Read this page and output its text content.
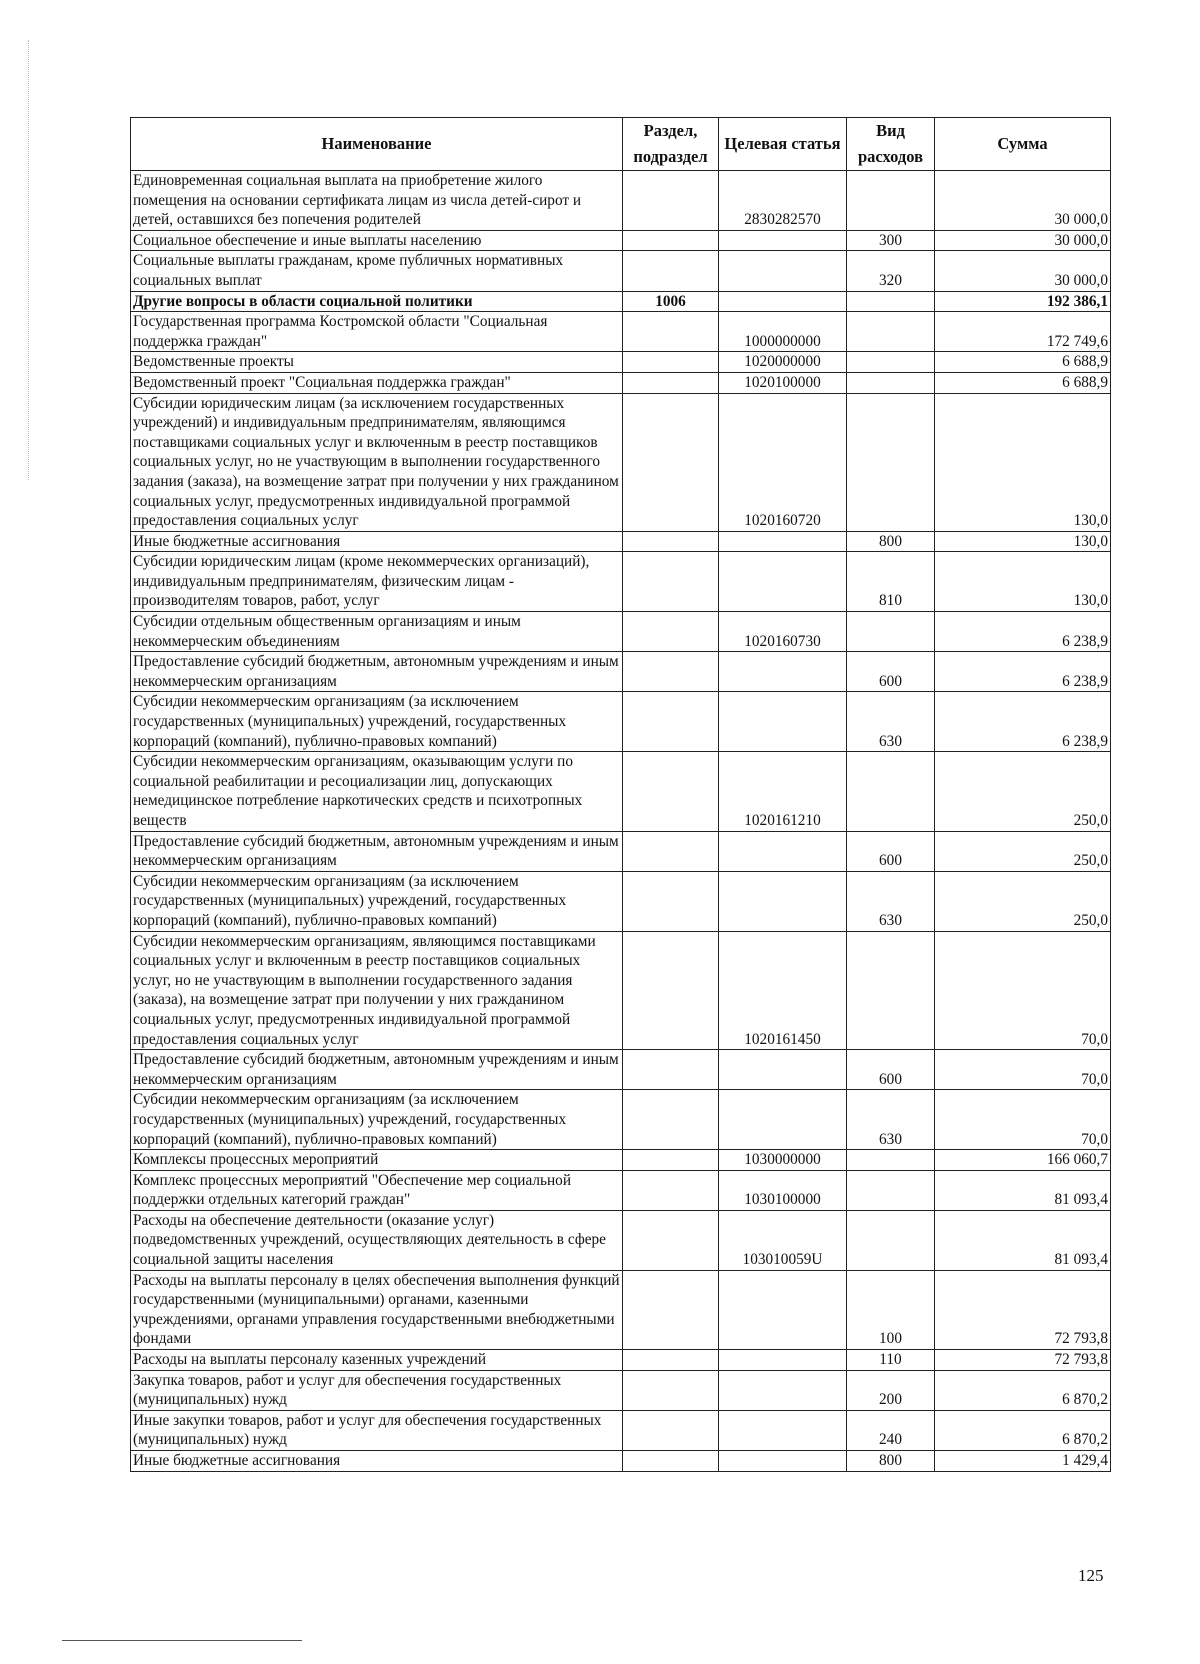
Наименование	Раздел, подраздел	Целевая статья	Вид расходов	Сумма
Единовременная социальная выплата на приобретение жилого помещения на основании сертификата лицам из числа детей-сирот и детей, оставшихся без попечения родителей		2830282570		30 000,0
Социальное обеспечение и иные выплаты населению			300	30 000,0
Социальные выплаты гражданам, кроме публичных нормативных социальных выплат			320	30 000,0
Другие вопросы в области социальной политики	1006			192 386,1
Государственная программа Костромской области "Социальная поддержка граждан"		1000000000		172 749,6
Ведомственные проекты		1020000000		6 688,9
Ведомственный проект "Социальная поддержка граждан"		1020100000		6 688,9
Субсидии юридическим лицам (за исключением государственных учреждений) и индивидуальным предпринимателям, являющимся поставщиками социальных услуг и включенным в реестр поставщиков социальных услуг, но не участвующим в выполнении государственного задания (заказа), на возмещение затрат при получении у них гражданином социальных услуг, предусмотренных индивидуальной программой предоставления социальных услуг		1020160720		130,0
Иные бюджетные ассигнования			800	130,0
Субсидии юридическим лицам (кроме некоммерческих организаций), индивидуальным предпринимателям, физическим лицам - производителям товаров, работ, услуг			810	130,0
Субсидии отдельным общественным организациям и иным некоммерческим объединениям		1020160730		6 238,9
Предоставление субсидий бюджетным, автономным учреждениям и иным некоммерческим организациям			600	6 238,9
Субсидии некоммерческим организациям (за исключением государственных (муниципальных) учреждений, государственных корпораций (компаний), публично-правовых компаний)			630	6 238,9
Субсидии некоммерческим организациям, оказывающим услуги по социальной реабилитации и ресоциализации лиц, допускающих немедицинское потребление наркотических средств и психотропных веществ		1020161210		250,0
Предоставление субсидий бюджетным, автономным учреждениям и иным некоммерческим организациям			600	250,0
Субсидии некоммерческим организациям (за исключением государственных (муниципальных) учреждений, государственных корпораций (компаний), публично-правовых компаний)			630	250,0
Субсидии некоммерческим организациям, являющимся поставщиками социальных услуг и включенным в реестр поставщиков социальных услуг, но не участвующим в выполнении государственного задания (заказа), на возмещение затрат при получении у них гражданином социальных услуг, предусмотренных индивидуальной программой предоставления социальных услуг		1020161450		70,0
Предоставление субсидий бюджетным, автономным учреждениям и иным некоммерческим организациям			600	70,0
Субсидии некоммерческим организациям (за исключением государственных (муниципальных) учреждений, государственных корпораций (компаний), публично-правовых компаний)			630	70,0
Комплексы процессных мероприятий		1030000000		166 060,7
Комплекс процессных мероприятий "Обеспечение мер социальной поддержки отдельных категорий граждан"		1030100000		81 093,4
Расходы на обеспечение деятельности (оказание услуг) подведомственных учреждений, осуществляющих деятельность в сфере социальной защиты населения		103010059U		81 093,4
Расходы на выплаты персоналу в целях обеспечения выполнения функций государственными (муниципальными) органами, казенными учреждениями, органами управления государственными внебюджетными фондами			100	72 793,8
Расходы на выплаты персоналу казенных учреждений			110	72 793,8
Закупка товаров, работ и услуг для обеспечения государственных (муниципальных) нужд			200	6 870,2
Иные закупки товаров, работ и услуг для обеспечения государственных (муниципальных) нужд			240	6 870,2
Иные бюджетные ассигнования			800	1 429,4
125
